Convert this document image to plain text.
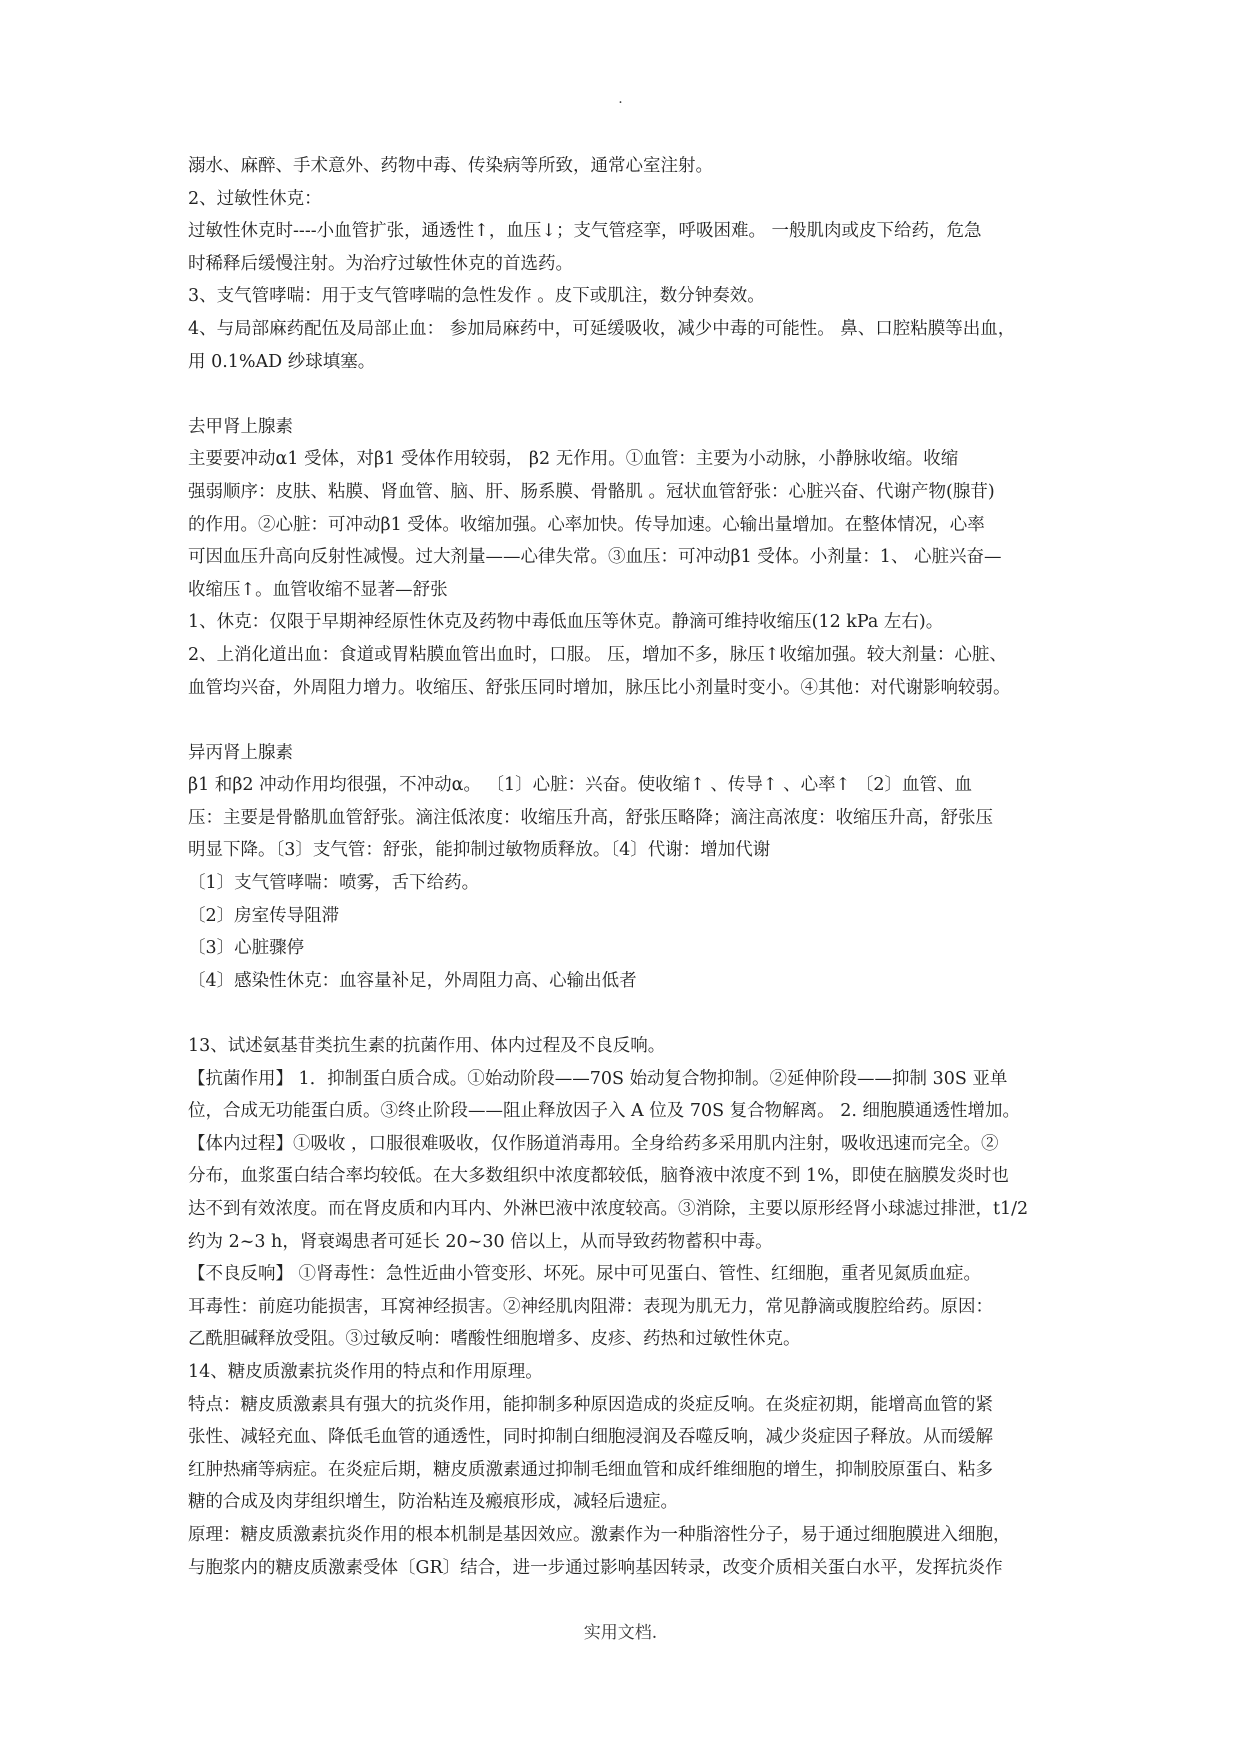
.
溺水、麻醉、手术意外、药物中毒、传染病等所致，通常心室注射。
2、过敏性休克：
过敏性休克时----小血管扩张，通透性↑，血压↓；支气管痉挛，呼吸困难。 一般肌肉或皮下给药，危急
时稀释后缓慢注射。为治疗过敏性休克的首选药。
3、支气管哮喘：用于支气管哮喘的急性发作 。皮下或肌注，数分钟奏效。
4、与局部麻药配伍及局部止血： 参加局麻药中，可延缓吸收，减少中毒的可能性。 鼻、口腔粘膜等出血，
用 0.1%AD 纱球填塞。
去甲肾上腺素
主要要冲动α1 受体，对β1 受体作用较弱， β2 无作用。①血管：主要为小动脉，小静脉收缩。收缩
强弱顺序：皮肤、粘膜、肾血管、脑、肝、肠系膜、骨骼肌 。冠状血管舒张：心脏兴奋、代谢产物(腺苷)
的作用。②心脏：可冲动β1 受体。收缩加强。心率加快。传导加速。心输出量增加。在整体情况，心率
可因血压升高向反射性减慢。过大剂量——心律失常。③血压：可冲动β1 受体。小剂量：1、 心脏兴奋—
收缩压↑。血管收缩不显著—舒张
1、休克：仅限于早期神经原性休克及药物中毒低血压等休克。静滴可维持收缩压(12 kPa 左右)。
2、上消化道出血：食道或胃粘膜血管出血时，口服。 压，增加不多，脉压↑收缩加强。较大剂量：心脏、
血管均兴奋，外周阻力增力。收缩压、舒张压同时增加，脉压比小剂量时变小。④其他：对代谢影响较弱。
异丙肾上腺素
β1 和β2 冲动作用均很强，不冲动α。 〔1〕心脏：兴奋。使收缩↑ 、传导↑ 、心率↑ 〔2〕血管、血
压：主要是骨骼肌血管舒张。滴注低浓度：收缩压升高，舒张压略降；滴注高浓度：收缩压升高，舒张压
明显下降。〔3〕支气管：舒张，能抑制过敏物质释放。〔4〕代谢：增加代谢
〔1〕支气管哮喘：喷雾，舌下给药。
〔2〕房室传导阻滞
〔3〕心脏骤停
〔4〕感染性休克：血容量补足，外周阻力高、心输出低者
13、试述氨基苷类抗生素的抗菌作用、体内过程及不良反响。
【抗菌作用】 1．抑制蛋白质合成。①始动阶段——70S 始动复合物抑制。②延伸阶段——抑制 30S 亚单
位，合成无功能蛋白质。③终止阶段——阻止释放因子入 A 位及 70S 复合物解离。 2. 细胞膜通透性增加。
【体内过程】①吸收 ，口服很难吸收，仅作肠道消毒用。全身给药多采用肌内注射，吸收迅速而完全。②
分布，血浆蛋白结合率均较低。在大多数组织中浓度都较低，脑脊液中浓度不到 1%，即使在脑膜发炎时也
达不到有效浓度。而在肾皮质和内耳内、外淋巴液中浓度较高。③消除，主要以原形经肾小球滤过排泄，t1/2
约为 2~3 h，肾衰竭患者可延长 20~30 倍以上，从而导致药物蓄积中毒。
【不良反响】 ①肾毒性：急性近曲小管变形、坏死。尿中可见蛋白、管性、红细胞，重者见氮质血症。
耳毒性：前庭功能损害，耳窝神经损害。②神经肌肉阻滞：表现为肌无力，常见静滴或腹腔给药。原因：
乙酰胆碱释放受阻。③过敏反响：嗜酸性细胞增多、皮疹、药热和过敏性休克。
14、糖皮质激素抗炎作用的特点和作用原理。
特点：糖皮质激素具有强大的抗炎作用，能抑制多种原因造成的炎症反响。在炎症初期，能增高血管的紧
张性、减轻充血、降低毛血管的通透性，同时抑制白细胞浸润及吞噬反响，减少炎症因子释放。从而缓解
红肿热痛等病症。在炎症后期，糖皮质激素通过抑制毛细血管和成纤维细胞的增生，抑制胶原蛋白、粘多
糖的合成及肉芽组织增生，防治粘连及瘢痕形成，减轻后遗症。
原理：糖皮质激素抗炎作用的根本机制是基因效应。激素作为一种脂溶性分子，易于通过细胞膜进入细胞，
与胞浆内的糖皮质激素受体〔GR〕结合，进一步通过影响基因转录，改变介质相关蛋白水平，发挥抗炎作
实用文档.
